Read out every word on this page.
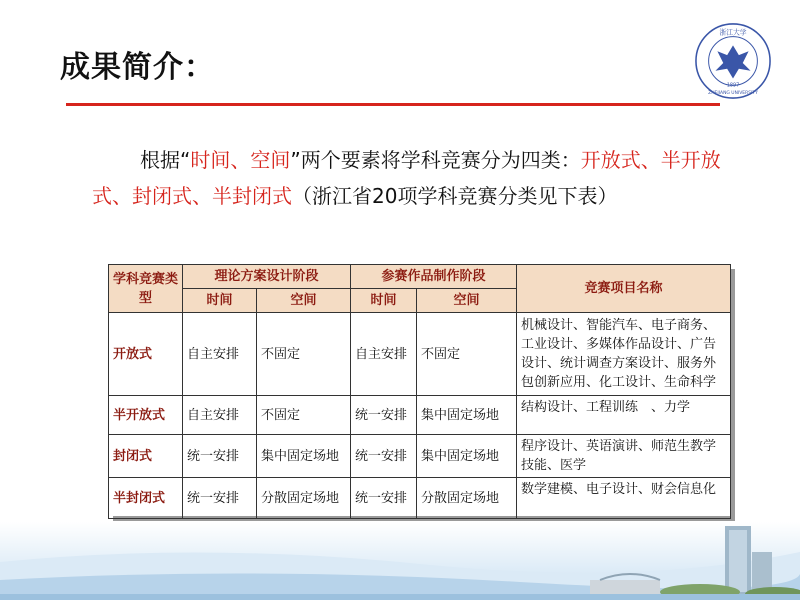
成果简介：
浙江大学
1897
ZHEJIANG UNIVERSITY
根据“时间、空间”两个要素将学科竞赛分为四类：开放式、半开放式、封闭式、半封闭式（浙江省20项学科竞赛分类见下表）
学科竞赛类型	理论方案设计阶段		参赛作品制作阶段		竞赛项目名称
	时间	空间	时间	空间	
开放式	自主安排	不固定	自主安排	不固定	机械设计、智能汽车、电子商务、工业设计、多媒体作品设计、广告设计、统计调查方案设计、服务外包创新应用、化工设计、生命科学
半开放式	自主安排	不固定	统一安排	集中固定场地	结构设计、工程训练　、力学
封闭式	统一安排	集中固定场地	统一安排	集中固定场地	程序设计、英语演讲、师范生教学技能、医学
半封闭式	统一安排	分散固定场地	统一安排	分散固定场地	数学建模、电子设计、财会信息化
